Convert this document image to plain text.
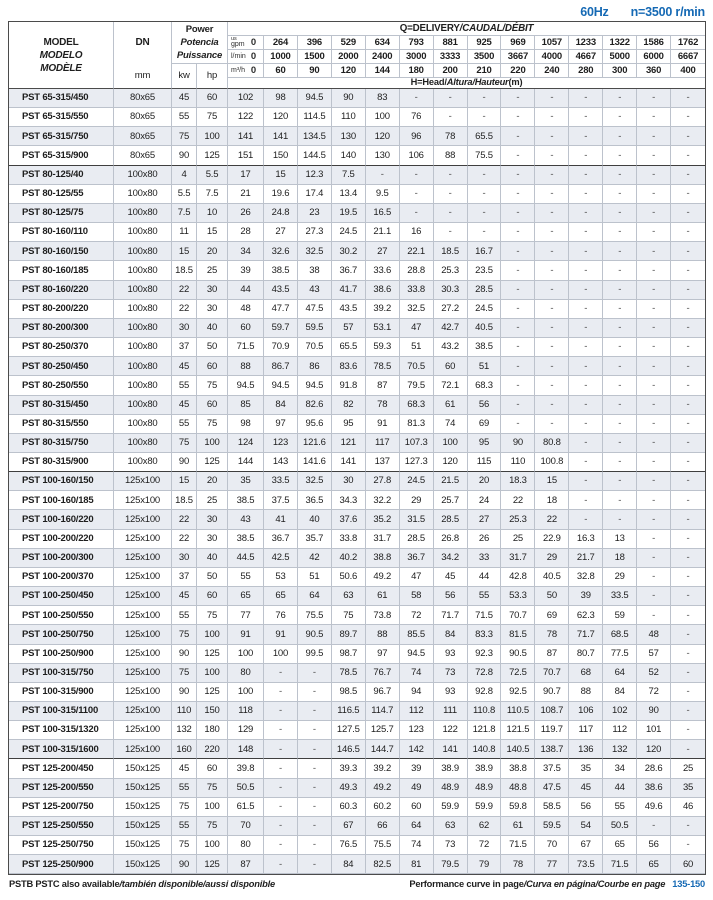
60Hz n=3500 r/min
MODEL
MODELO
MODÈLE
DN
mm
Power
Potencia
Puissance
kw	hp
Q=DELIVERY /CAUDAL/DÉBIT
us
gpm 0
l/min 0
m³/h 0
H=Head/ Altura/Hauteur (m)
264	396	529	634	793	881	925	969	1057	1233	1322	1586	1762
1000	1500	2000	2400	3000	3333	3500	3667	4000	4667	5000	6000	6667
60	90	120	144	180	200	210	220	240	280	300	360	400
PST 65-315/450	80x65	45	60	102	98	94.5	90	83	-	-	-	-	-	-	-	-	-
PST 65-315/550	80x65	55	75	122	120	114.5	110	100	76	-	-	-	-	-	-	-	-
PST 65-315/750	80x65	75	100	141	141	134.5	130	120	96	78	65.5	-	-	-	-	-	-
PST 65-315/900	80x65	90	125	151	150	144.5	140	130	106	88	75.5	-	-	-	-	-	-
PST 80-125/40	100x80	4	5.5	17	15	12.3	7.5	-	-	-	-	-	-	-	-	-	-
PST 80-125/55	100x80	5.5	7.5	21	19.6	17.4	13.4	9.5	-	-	-	-	-	-	-	-	-
PST 80-125/75	100x80	7.5	10	26	24.8	23	19.5	16.5	-	-	-	-	-	-	-	-	-
PST 80-160/110	100x80	11	15	28	27	27.3	24.5	21.1	16	-	-	-	-	-	-	-	-
PST 80-160/150	100x80	15	20	34	32.6	32.5	30.2	27	22.1	18.5	16.7	-	-	-	-	-	-
PST 80-160/185	100x80	18.5	25	39	38.5	38	36.7	33.6	28.8	25.3	23.5	-	-	-	-	-	-
PST 80-160/220	100x80	22	30	44	43.5	43	41.7	38.6	33.8	30.3	28.5	-	-	-	-	-	-
PST 80-200/220	100x80	22	30	48	47.7	47.5	43.5	39.2	32.5	27.2	24.5	-	-	-	-	-	-
PST 80-200/300	100x80	30	40	60	59.7	59.5	57	53.1	47	42.7	40.5	-	-	-	-	-	-
PST 80-250/370	100x80	37	50	71.5	70.9	70.5	65.5	59.3	51	43.2	38.5	-	-	-	-	-	-
PST 80-250/450	100x80	45	60	88	86.7	86	83.6	78.5	70.5	60	51	-	-	-	-	-	-
PST 80-250/550	100x80	55	75	94.5	94.5	94.5	91.8	87	79.5	72.1	68.3	-	-	-	-	-	-
PST 80-315/450	100x80	45	60	85	84	82.6	82	78	68.3	61	56	-	-	-	-	-	-
PST 80-315/550	100x80	55	75	98	97	95.6	95	91	81.3	74	69	-	-	-	-	-	-
PST 80-315/750	100x80	75	100	124	123	121.6	121	117	107.3	100	95	90	80.8	-	-	-	-
PST 80-315/900	100x80	90	125	144	143	141.6	141	137	127.3	120	115	110	100.8	-	-	-	-
PST 100-160/150	125x100	15	20	35	33.5	32.5	30	27.8	24.5	21.5	20	18.3	15	-	-	-	-
PST 100-160/185	125x100	18.5	25	38.5	37.5	36.5	34.3	32.2	29	25.7	24	22	18	-	-	-	-
PST 100-160/220	125x100	22	30	43	41	40	37.6	35.2	31.5	28.5	27	25.3	22	-	-	-	-
PST 100-200/220	125x100	22	30	38.5	36.7	35.7	33.8	31.7	28.5	26.8	26	25	22.9	16.3	13	-	-
PST 100-200/300	125x100	30	40	44.5	42.5	42	40.2	38.8	36.7	34.2	33	31.7	29	21.7	18	-	-
PST 100-200/370	125x100	37	50	55	53	51	50.6	49.2	47	45	44	42.8	40.5	32.8	29	-	-
PST 100-250/450	125x100	45	60	65	65	64	63	61	58	56	55	53.3	50	39	33.5	-	-
PST 100-250/550	125x100	55	75	77	76	75.5	75	73.8	72	71.7	71.5	70.7	69	62.3	59	-	-
PST 100-250/750	125x100	75	100	91	91	90.5	89.7	88	85.5	84	83.3	81.5	78	71.7	68.5	48	-
PST 100-250/900	125x100	90	125	100	100	99.5	98.7	97	94.5	93	92.3	90.5	87	80.7	77.5	57	-
PST 100-315/750	125x100	75	100	80	-	-	78.5	76.7	74	73	72.8	72.5	70.7	68	64	52	-
PST 100-315/900	125x100	90	125	100	-	-	98.5	96.7	94	93	92.8	92.5	90.7	88	84	72	-
PST 100-315/1100	125x100	110	150	118	-	-	116.5	114.7	112	111	110.8	110.5	108.7	106	102	90	-
PST 100-315/1320	125x100	132	180	129	-	-	127.5	125.7	123	122	121.8	121.5	119.7	117	112	101	-
PST 100-315/1600	125x100	160	220	148	-	-	146.5	144.7	142	141	140.8	140.5	138.7	136	132	120	-
PST 125-200/450	150x125	45	60	39.8	-	-	39.3	39.2	39	38.9	38.9	38.8	37.5	35	34	28.6	25
PST 125-200/550	150x125	55	75	50.5	-	-	49.3	49.2	49	48.9	48.9	48.8	47.5	45	44	38.6	35
PST 125-200/750	150x125	75	100	61.5	-	-	60.3	60.2	60	59.9	59.9	59.8	58.5	56	55	49.6	46
PST 125-250/550	150x125	55	75	70	-	-	67	66	64	63	62	61	59.5	54	50.5	-	-
PST 125-250/750	150x125	75	100	80	-	-	76.5	75.5	74	73	72	71.5	70	67	65	56	-
PST 125-250/900	150x125	90	125	87	-	-	84	82.5	81	79.5	79	78	77	73.5	71.5	65	60
PSTB PSTC also available/también disponible/aussi disponible	Performance curve in page/Curva en página/Courbe en page 135-150
